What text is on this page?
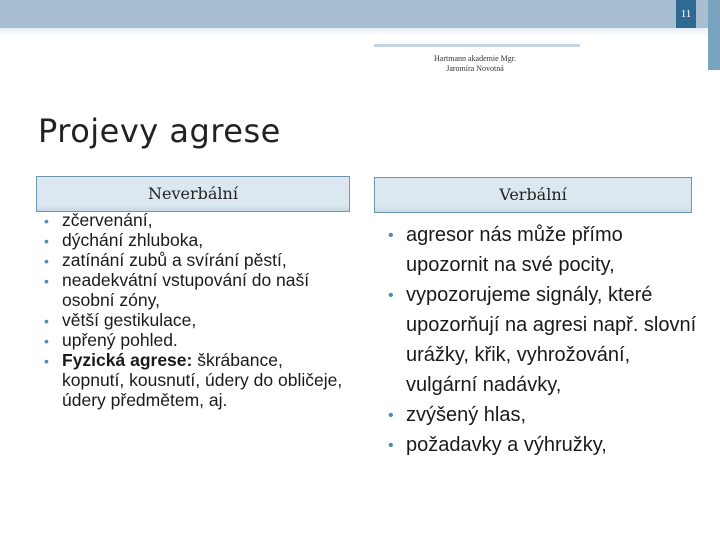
11
Hartmann akademie Mgr.
Jaromíra Novotná
Projevy agrese
Neverbální	Verbální
• zčervenání,
• dýchání zhluboka,
• zatínání zubů a svírání pěstí,
• neadekvátní vstupování do naší osobní zóny,
• větší gestikulace,
• upřený pohled.
• Fyzická agrese: škrábance, kopnutí, kousnutí, údery do obličeje, údery předmětem, aj.
• agresor nás může přímo upozornit na své pocity,
• vypozorujeme signály, které upozorňují na agresi např. slovní urážky, křik, vyhrožování, vulgární nadávky,
• zvýšený hlas,
• požadavky a výhružky,
